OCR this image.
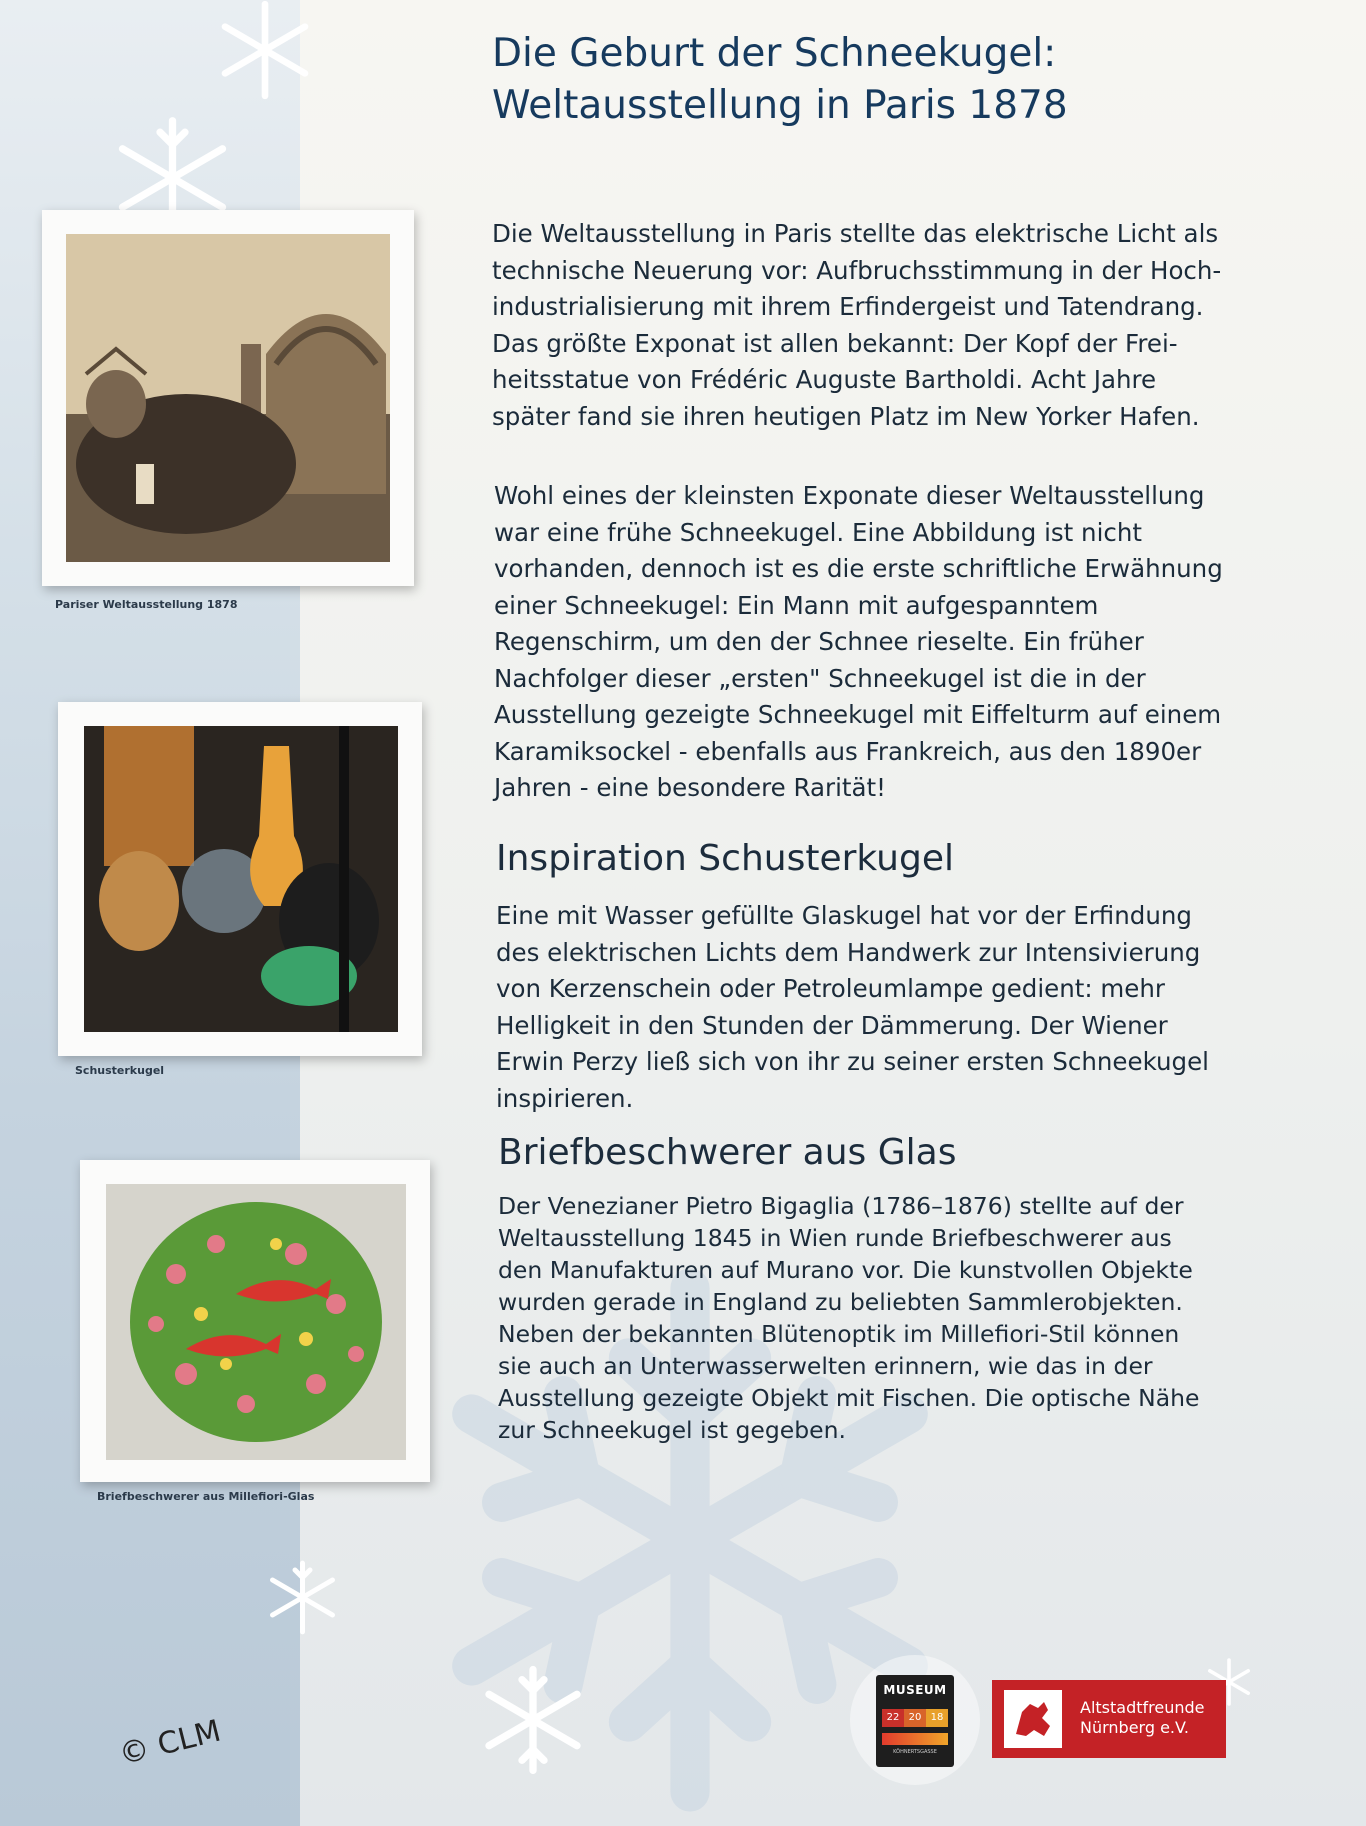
Pariser Weltausstellung 1878
Schusterkugel
Briefbeschwerer aus Millefiori-Glas
Die Geburt der Schneekugel:
Weltausstellung in Paris 1878

Die Weltausstellung in Paris stellte das elektrische Licht als
technische Neuerung vor: Aufbruchsstimmung in der Hoch-
industrialisierung mit ihrem Erfindergeist und Tatendrang.
Das größte Exponat ist allen bekannt: Der Kopf der Frei-
heitsstatue von Frédéric Auguste Bartholdi. Acht Jahre
später fand sie ihren heutigen Platz im New Yorker Hafen.

Wohl eines der kleinsten Exponate dieser Weltausstellung
war eine frühe Schneekugel. Eine Abbildung ist nicht
vorhanden, dennoch ist es die erste schriftliche Erwähnung
einer Schneekugel: Ein Mann mit aufgespanntem
Regenschirm, um den der Schnee rieselte. Ein früher
Nachfolger dieser „ersten" Schneekugel ist die in der
Ausstellung gezeigte Schneekugel mit Eiffelturm auf einem
Karamiksockel - ebenfalls aus Frankreich, aus den 1890er
Jahren - eine besondere Rarität!

Inspiration Schusterkugel

Eine mit Wasser gefüllte Glaskugel hat vor der Erfindung
des elektrischen Lichts dem Handwerk zur Intensivierung
von Kerzenschein oder Petroleumlampe gedient: mehr
Helligkeit in den Stunden der Dämmerung. Der Wiener
Erwin Perzy ließ sich von ihr zu seiner ersten Schneekugel
inspirieren.

Briefbeschwerer aus Glas

Der Venezianer Pietro Bigaglia (1786–1876) stellte auf der
Weltausstellung 1845 in Wien runde Briefbeschwerer aus
den Manufakturen auf Murano vor. Die kunstvollen Objekte
wurden gerade in England zu beliebten Sammlerobjekten.
Neben der bekannten Blütenoptik im Millefiori-Stil können
sie auch an Unterwasserwelten erinnern, wie das in der
Ausstellung gezeigte Objekt mit Fischen. Die optische Nähe
zur Schneekugel ist gegeben.

MUSEUM
22 20 18
KÖHNERTSGASSE
Altstadtfreunde
Nürnberg e.V.
© CLM
